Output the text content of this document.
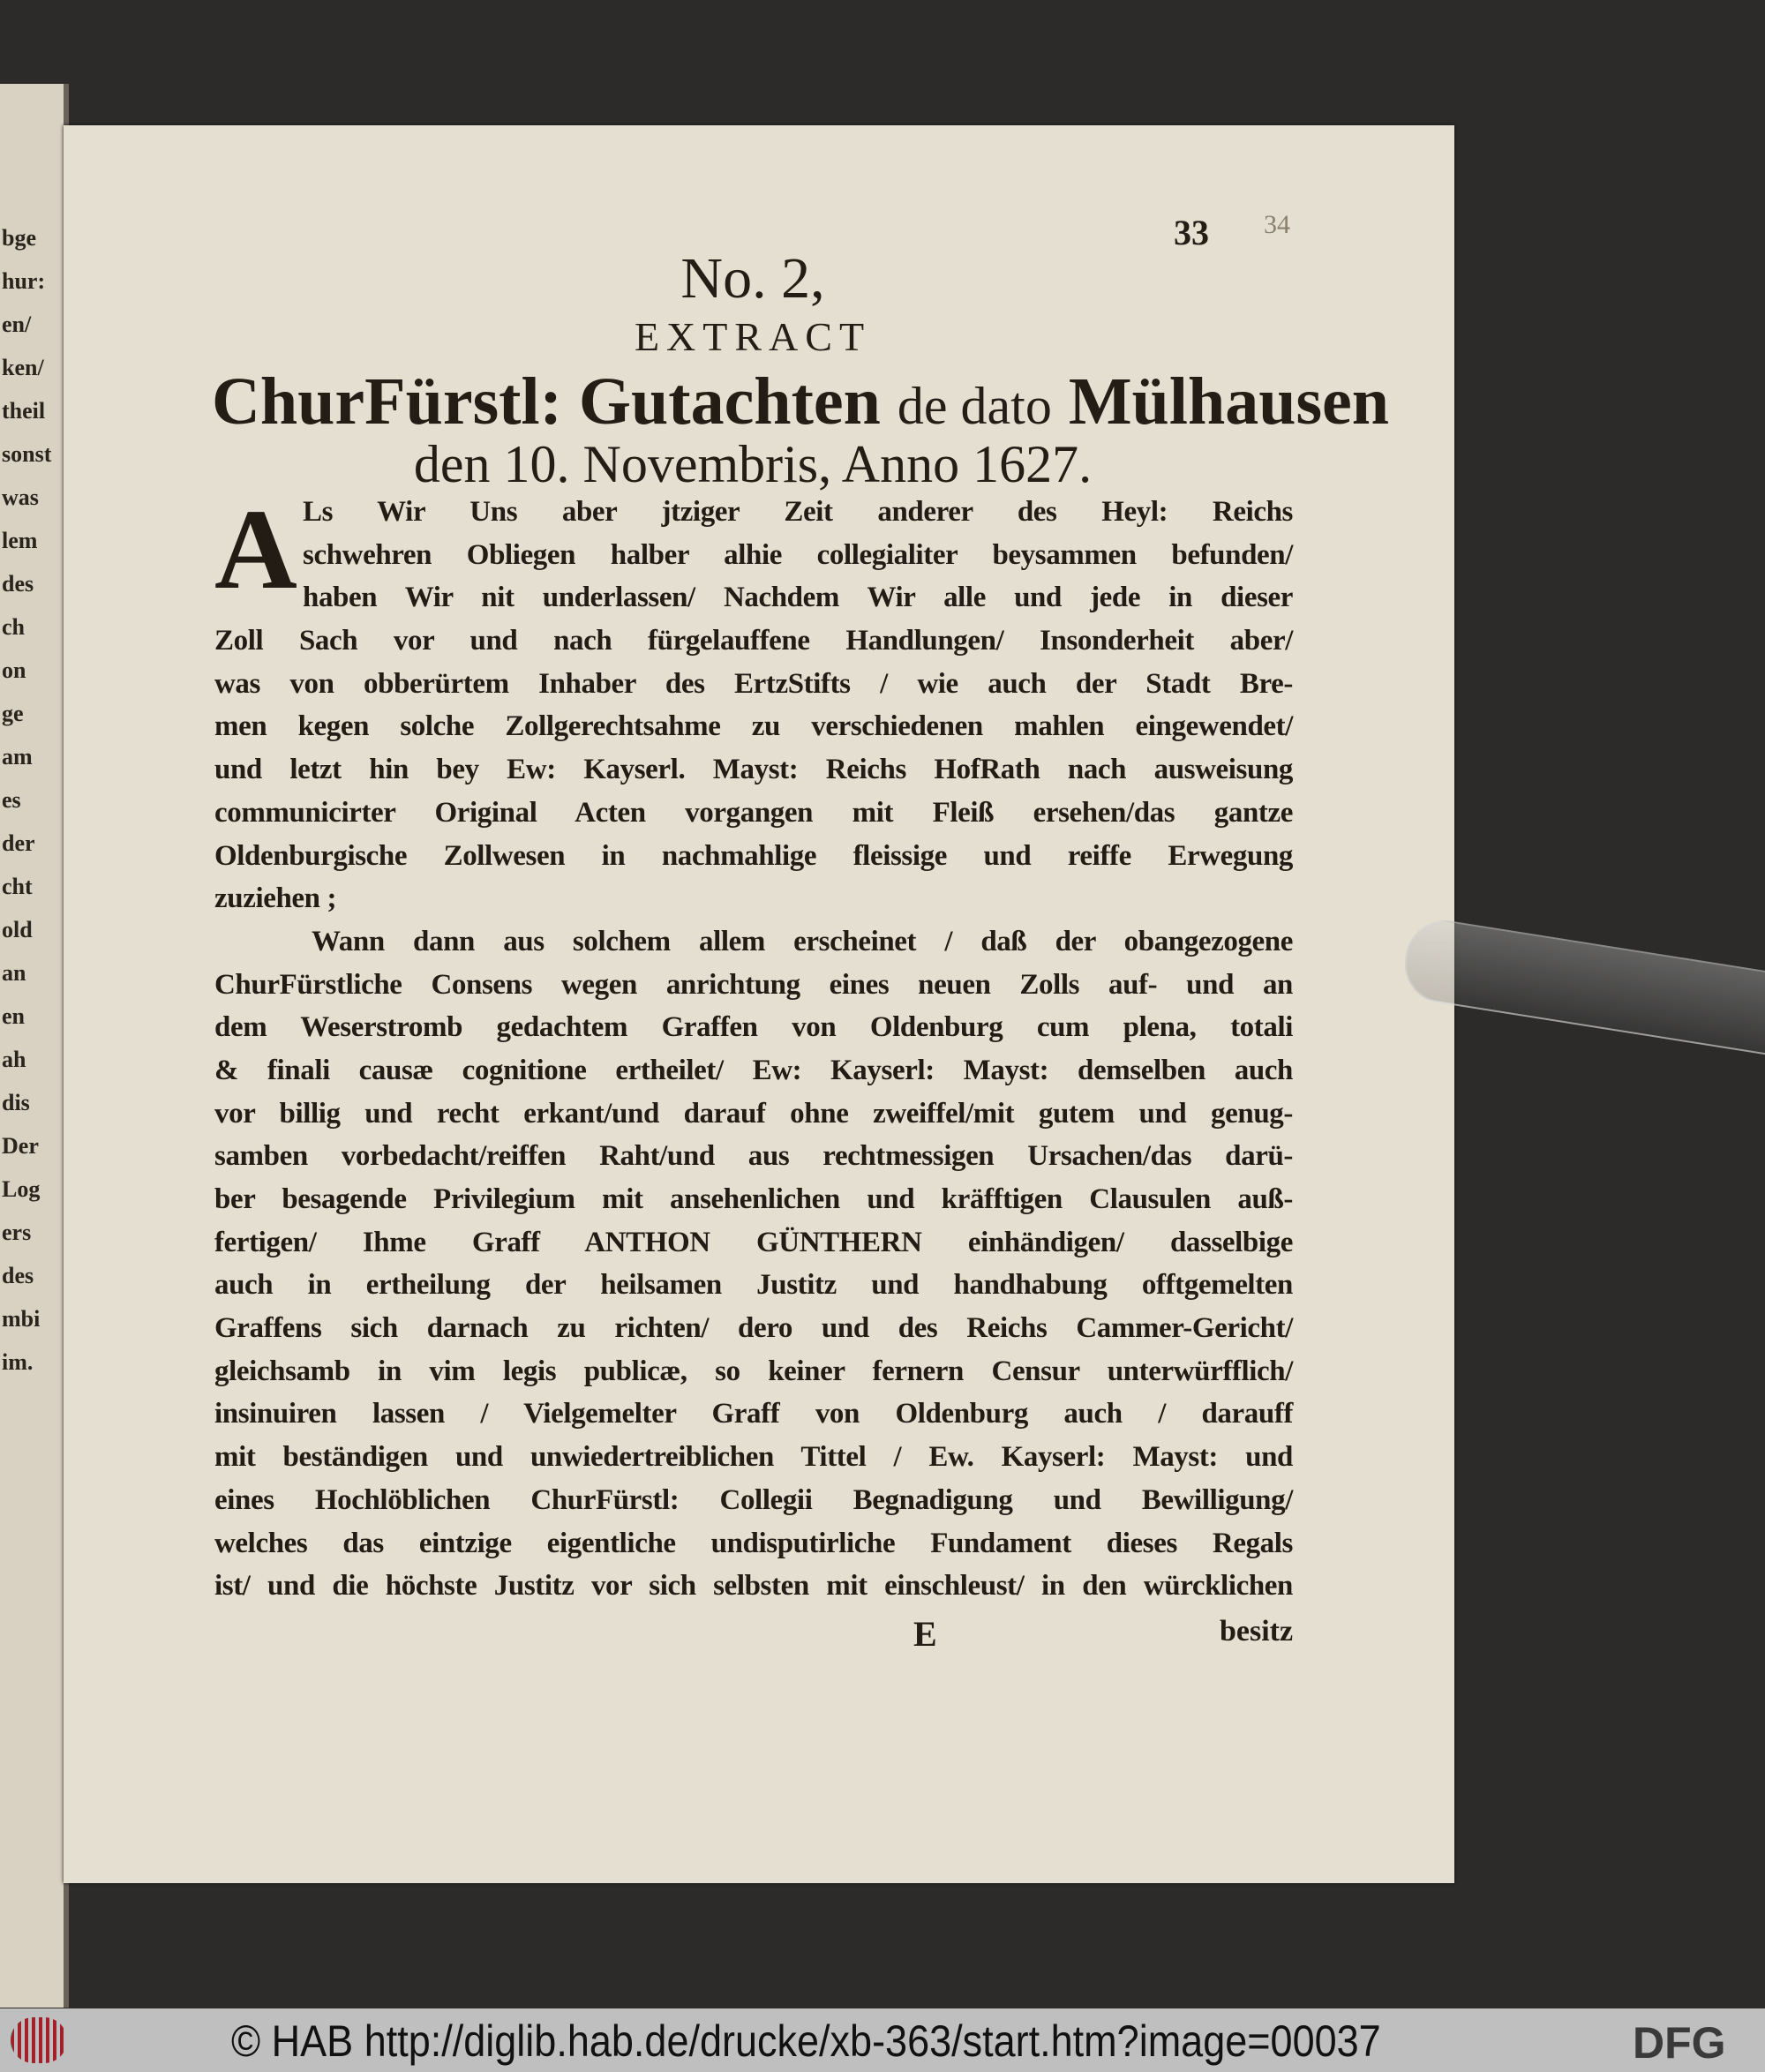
bge
hur:
en/
ken/
theil
sonst
was
lem
des
ch
on
ge
am
es
der
cht
old
an
en
ah
dis
Der
Log
ers
des
mbi
im.
33 34
No. 2,
EXTRACT
ChurFürstl: Gutachten de dato Mülhausen
den 10. Novembris, Anno 1627.
A Ls Wir Uns aber jtziger Zeit anderer des Heyl: Reichs
schwehren Obliegen halber alhie collegialiter beysammen befunden/
haben Wir nit underlassen/ Nachdem Wir alle und jede in dieser
Zoll Sach vor und nach fürgelauffene Handlungen/ Insonderheit aber/
was von obberürtem Inhaber des ErtzStifts / wie auch der Stadt Bre-
men kegen solche Zollgerechtsahme zu verschiedenen mahlen eingewendet/
und letzt hin bey Ew: Kayserl. Mayst: Reichs HofRath nach ausweisung
communicirter Original Acten vorgangen mit Fleiß ersehen/das gantze
Oldenburgische Zollwesen in nachmahlige fleissige und reiffe Erwegung
zuziehen ;
Wann dann aus solchem allem erscheinet / daß der obangezogene
ChurFürstliche Consens wegen anrichtung eines neuen Zolls auf- und an
dem Weserstromb gedachtem Graffen von Oldenburg cum plena, totali
& finali causæ cognitione ertheilet/ Ew: Kayserl: Mayst: demselben auch
vor billig und recht erkant/und darauf ohne zweiffel/mit gutem und genug-
samben vorbedacht/reiffen Raht/und aus rechtmessigen Ursachen/das darü-
ber besagende Privilegium mit ansehenlichen und kräfftigen Clausulen auß-
fertigen/ Ihme Graff ANTHON GÜNTHERN einhändigen/ dasselbige
auch in ertheilung der heilsamen Justitz und handhabung offtgemelten
Graffens sich darnach zu richten/ dero und des Reichs Cammer-Gericht/
gleichsamb in vim legis publicæ, so keiner fernern Censur unterwürfflich/
insinuiren lassen / Vielgemelter Graff von Oldenburg auch / darauff
mit beständigen und unwiedertreiblichen Tittel / Ew. Kayserl: Mayst: und
eines Hochlöblichen ChurFürstl: Collegii Begnadigung und Bewilligung/
welches das eintzige eigentliche undisputirliche Fundament dieses Regals
ist/ und die höchste Justitz vor sich selbsten mit einschleust/ in den würcklichen
E	besitz
© HAB http://diglib.hab.de/drucke/xb-363/start.htm?image=00037	DFG
